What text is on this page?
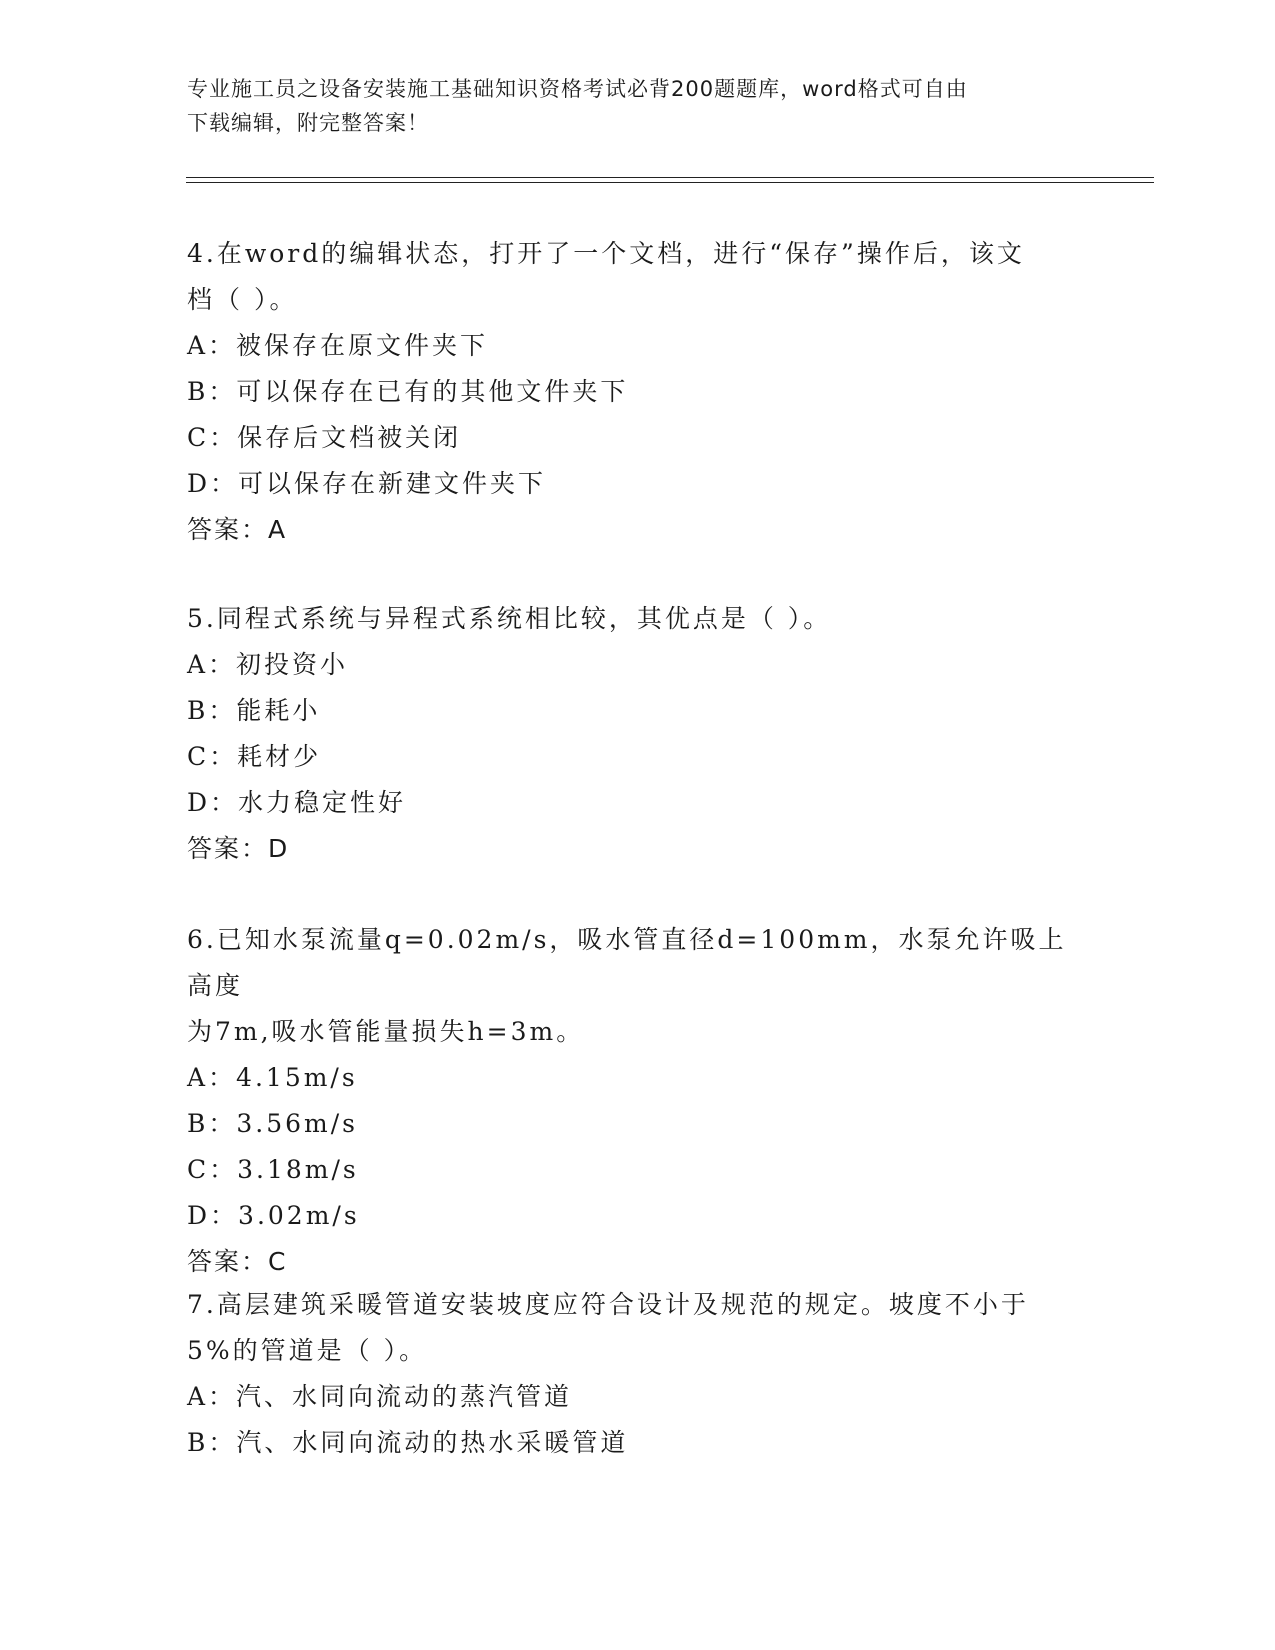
专业施工员之设备安装施工基础知识资格考试必背200题题库，word格式可自由
下载编辑，附完整答案！
4.在word的编辑状态，打开了一个文档，进行“保存”操作后，该文
档（ ）。
A：被保存在原文件夹下
B：可以保存在已有的其他文件夹下
C：保存后文档被关闭
D：可以保存在新建文件夹下
答案：A
5.同程式系统与异程式系统相比较，其优点是（ ）。
A：初投资小
B：能耗小
C：耗材少
D：水力稳定性好
答案：D
6.已知水泵流量q=0.02m/s，吸水管直径d=100mm，水泵允许吸上高度
为7m,吸水管能量损失h=3m。
A：4.15m/s
B：3.56m/s
C：3.18m/s
D：3.02m/s
答案：C
7.高层建筑采暖管道安装坡度应符合设计及规范的规定。坡度不小于
5%的管道是（ ）。
A：汽、水同向流动的蒸汽管道
B：汽、水同向流动的热水采暖管道
